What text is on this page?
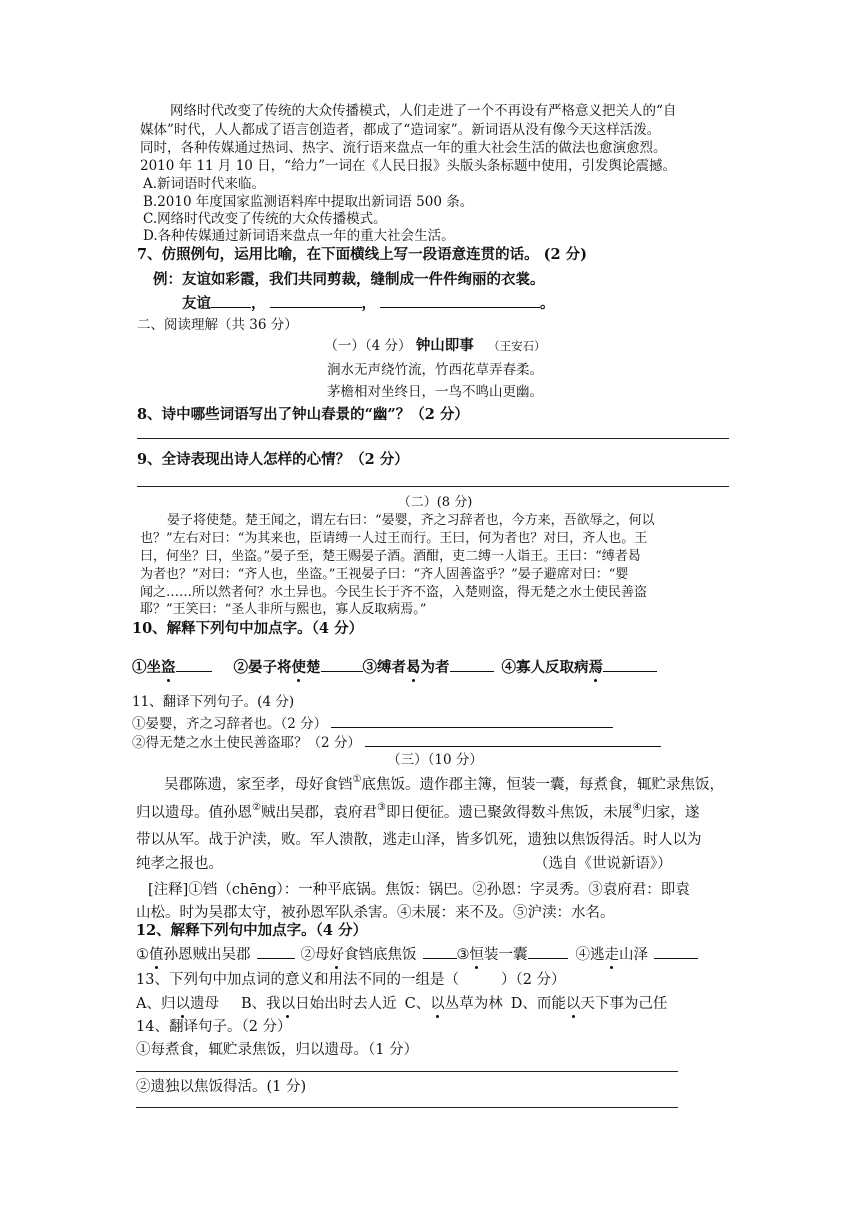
网络时代改变了传统的大众传播模式，人们走进了一个不再设有严格意义把关人的“自
媒体”时代，人人都成了语言创造者，都成了“造词家”。新词语从没有像今天这样活泼。
同时，各种传媒通过热词、热字、流行语来盘点一年的重大社会生活的做法也愈演愈烈。
2010 年 11 月 10 日，“给力”一词在《人民日报》头版头条标题中使用，引发舆论震撼。
A.新词语时代来临。
B.2010 年度国家监测语料库中提取出新词语 500 条。
C.网络时代改变了传统的大众传播模式。
D.各种传媒通过新词语来盘点一年的重大社会生活。
7、仿照例句，运用比喻，在下面横线上写一段语意连贯的话。 (2 分)
例：友谊如彩霞，我们共同剪裁，缝制成一件件绚丽的衣裳。
友谊	，	，	。
二、阅读理解（共 36 分）
（一）（4 分） 钟山即事 （王安石）
涧水无声绕竹流，竹西花草弄春柔。
茅檐相对坐终日，一鸟不鸣山更幽。
8、诗中哪些词语写出了钟山春景的“幽”？（2 分）
9、全诗表现出诗人怎样的心情？（2 分）
（二）(8 分)
晏子将使楚。楚王闻之，谓左右曰：“晏婴，齐之习辞者也，今方来，吾欲辱之，何以
也？”左右对曰：“为其来也，臣请缚一人过王而行。王曰，何为者也？对曰，齐人也。王
曰，何坐？曰，坐盗。”晏子至，楚王赐晏子酒。酒酣，吏二缚一人诣王。王曰：“缚者曷
为者也？”对曰：“齐人也，坐盗。”王视晏子曰：“齐人固善盗乎？”晏子避席对曰：“婴
闻之……所以然者何？水土异也。今民生长于齐不盗，入楚则盗，得无楚之水土使民善盗
耶？”王笑曰：“圣人非所与熙也，寡人反取病焉。”
10、解释下列句中加点字。（4 分）
①坐盗	②晏子将使楚	③缚者曷为者	④寡人反取病焉
11、翻译下列句子。(4 分)
①晏婴，齐之习辞者也。（2 分）
②得无楚之水土使民善盗耶？（2 分）
（三）（10 分）
吴郡陈遗，家至孝，母好食铛①底焦饭。遗作郡主簿，恒装一囊，每煮食，辄贮录焦饭，
归以遗母。值孙恩②贼出吴郡，袁府君③即日便征。遗已聚敛得数斗焦饭，未展④归家，遂
带以从军。战于沪渎，败。军人溃散，逃走山泽，皆多饥死，遗独以焦饭得活。时人以为
纯孝之报也。	（选自《世说新语》）
[注释]①铛（chēng）：一种平底锅。焦饭：锅巴。②孙恩：字灵秀。③袁府君：即袁
山松。时为吴郡太守，被孙恩军队杀害。④未展：来不及。⑤沪渎：水名。
12、解释下列句中加点字。（4 分）
①值孙恩贼出吴郡	②母好食铛底焦饭	③恒装一囊	④逃走山泽
13、下列句中加点词的意义和用法不同的一组是（	）（2 分）
A、归以遗母 B、我以日始出时去人近 C、以丛草为林 D、而能以天下事为己任
14、翻译句子。（2 分）
①每煮食，辄贮录焦饭，归以遗母。（1 分）
②遗独以焦饭得活。(1 分)
